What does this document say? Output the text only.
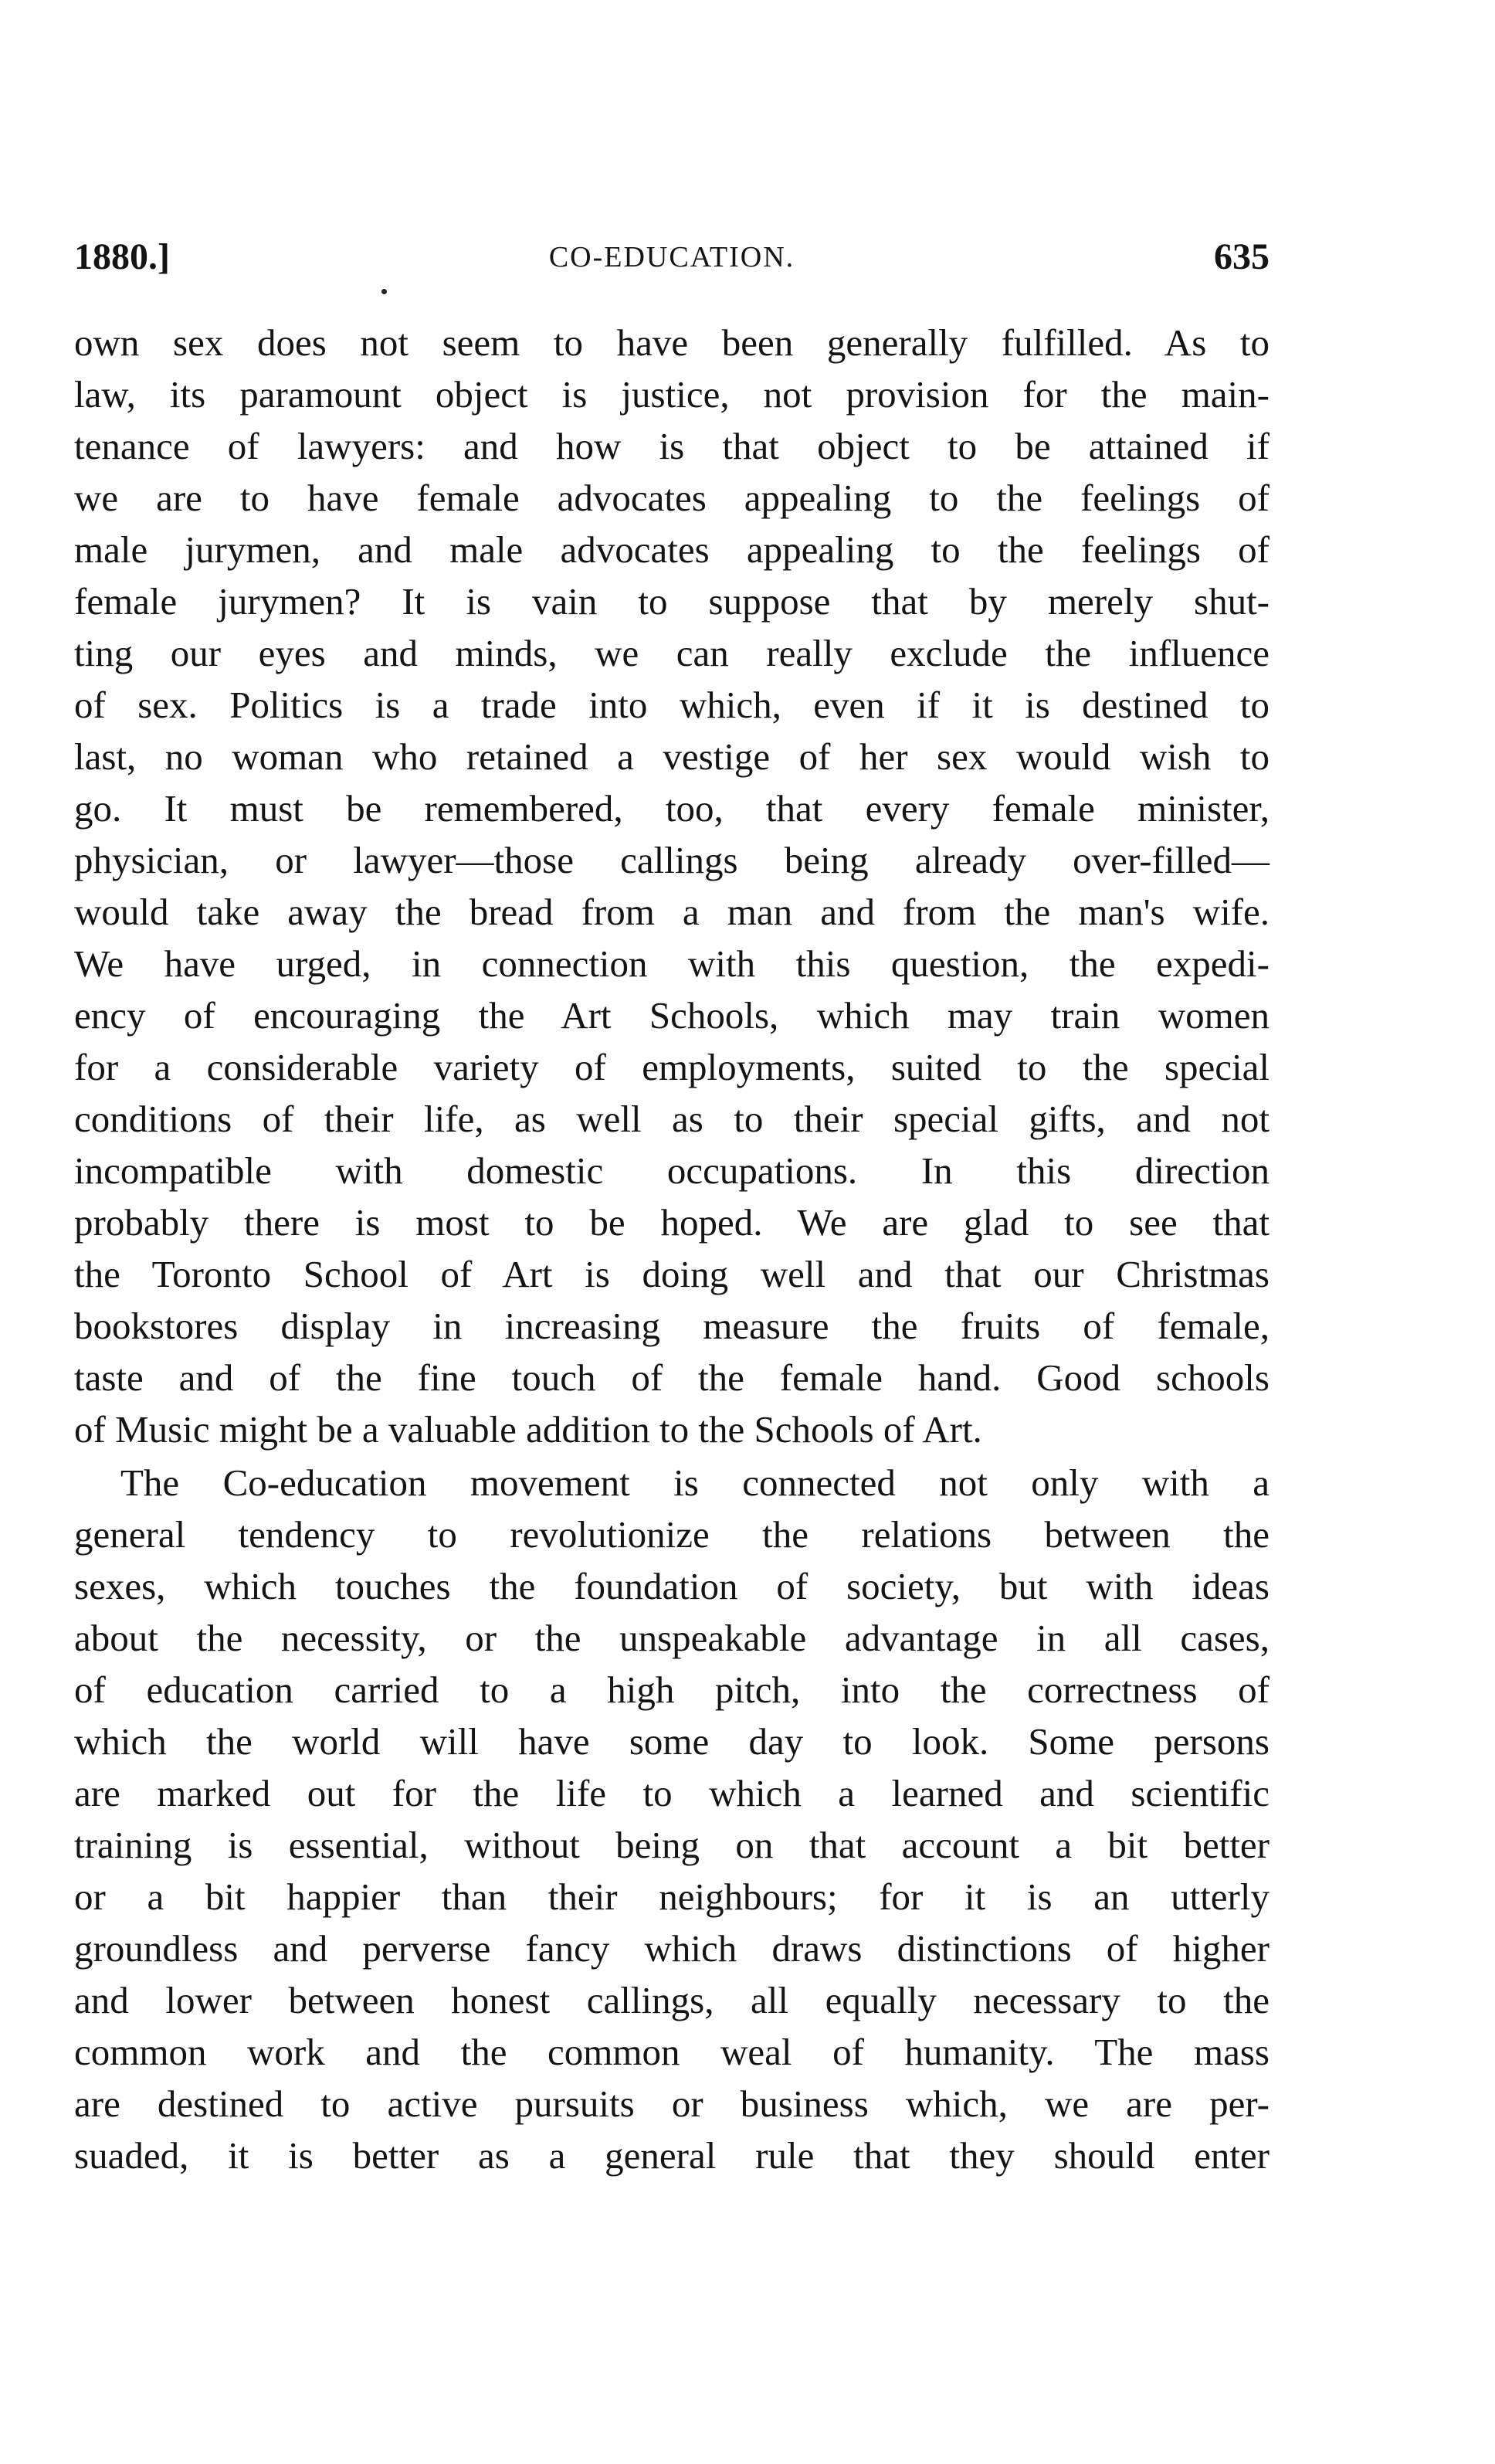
1880.]	CO-EDUCATION.	635
own sex does not seem to have been generally fulfilled. As to
law, its paramount object is justice, not provision for the main-
tenance of lawyers: and how is that object to be attained if
we are to have female advocates appealing to the feelings of
male jurymen, and male advocates appealing to the feelings of
female jurymen? It is vain to suppose that by merely shut-
ting our eyes and minds, we can really exclude the influence
of sex. Politics is a trade into which, even if it is destined to
last, no woman who retained a vestige of her sex would wish to
go. It must be remembered, too, that every female minister,
physician, or lawyer—those callings being already over-filled—
would take away the bread from a man and from the man's wife.
We have urged, in connection with this question, the expedi-
ency of encouraging the Art Schools, which may train women
for a considerable variety of employments, suited to the special
conditions of their life, as well as to their special gifts, and not
incompatible with domestic occupations. In this direction
probably there is most to be hoped. We are glad to see that
the Toronto School of Art is doing well and that our Christmas
bookstores display in increasing measure the fruits of female,
taste and of the fine touch of the female hand. Good schools
of Music might be a valuable addition to the Schools of Art.
The Co-education movement is connected not only with a
general tendency to revolutionize the relations between the
sexes, which touches the foundation of society, but with ideas
about the necessity, or the unspeakable advantage in all cases,
of education carried to a high pitch, into the correctness of
which the world will have some day to look. Some persons
are marked out for the life to which a learned and scientific
training is essential, without being on that account a bit better
or a bit happier than their neighbours; for it is an utterly
groundless and perverse fancy which draws distinctions of higher
and lower between honest callings, all equally necessary to the
common work and the common weal of humanity. The mass
are destined to active pursuits or business which, we are per-
suaded, it is better as a general rule that they should enter
